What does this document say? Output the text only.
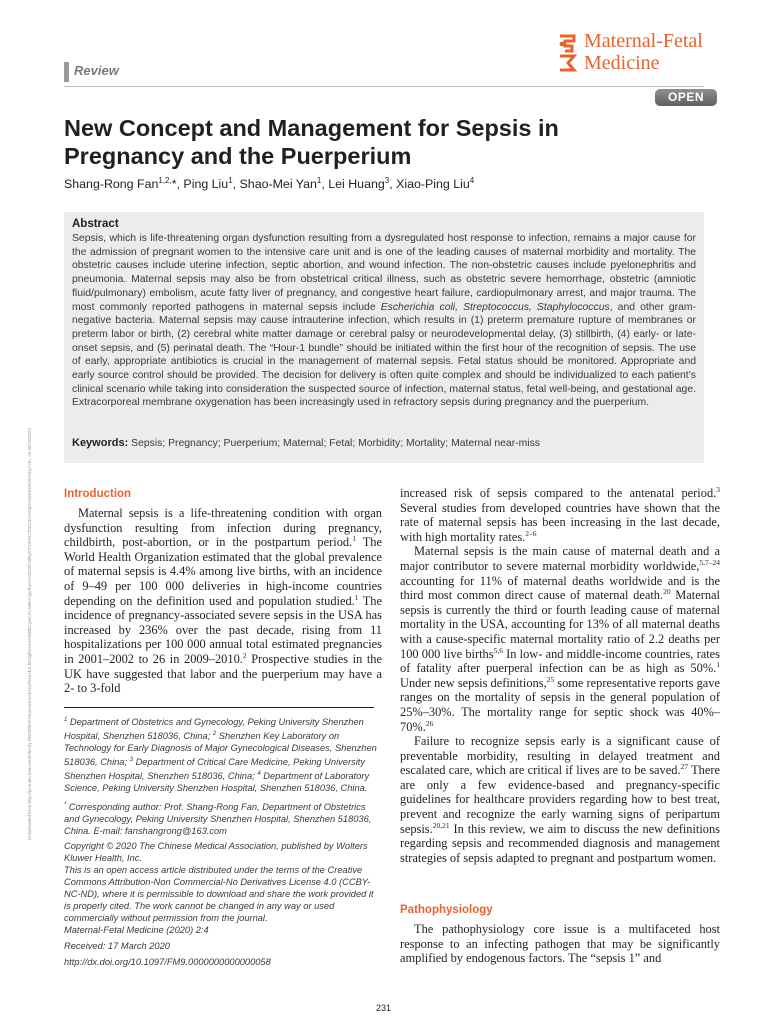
Review
Maternal-Fetal
Medicine
OPEN
New Concept and Management for Sepsis in Pregnancy and the Puerperium
Shang-Rong Fan$^{1,2,}$*, Ping Liu$^1$, Shao-Mei Yan$^1$, Lei Huang$^3$, Xiao-Ping Liu$^4$
Abstract
Sepsis, which is life-threatening organ dysfunction resulting from a dysregulated host response to infection, remains a major cause for the admission of pregnant women to the intensive care unit and is one of the leading causes of maternal morbidity and mortality. The obstetric causes include uterine infection, septic abortion, and wound infection. The non-obstetric causes include pyelonephritis and pneumonia. Maternal sepsis may also be from obstetrical critical illness, such as obstetric severe hemorrhage, obstetric (amniotic fluid/pulmonary) embolism, acute fatty liver of pregnancy, and congestive heart failure, cardiopulmonary arrest, and major trauma. The most commonly reported pathogens in maternal sepsis include Escherichia coli, Streptococcus, Staphylococcus, and other gram-negative bacteria. Maternal sepsis may cause intrauterine infection, which results in (1) preterm premature rupture of membranes or preterm labor or birth, (2) cerebral white matter damage or cerebral palsy or neurodevelopmental delay, (3) stillbirth, (4) early- or late-onset sepsis, and (5) perinatal death. The “Hour-1 bundle” should be initiated within the first hour of the recognition of sepsis. The use of early, appropriate antibiotics is crucial in the management of maternal sepsis. Fetal status should be monitored. Appropriate and early source control should be provided. The decision for delivery is often quite complex and should be individualized to each patient’s clinical scenario while taking into consideration the suspected source of infection, maternal status, fetal well-being, and gestational age. Extracorporeal membrane oxygenation has been increasingly used in refractory sepsis during pregnancy and the puerperium.
Keywords: Sepsis; Pregnancy; Puerperium; Maternal; Fetal; Morbidity; Mortality; Maternal near-miss
Downloaded from http://journals.lww.com/mfm by BhDMf5ePHKav1zEoum1tQfN4a+kJLhEZgbsIHo4XMi0hCywCX1AWnYQp/IlQrHD3i3D0OdRyi7TvSFl4Cf3VC4/OAVpDDa8KKGKV0Ymy+78= on 08/15/2023	Introduction

Maternal sepsis is a life-threatening condition with organ dysfunction resulting from infection during pregnancy, childbirth, post-abortion, or in the postpartum period.$^1$ The World Health Organization estimated that the global prevalence of maternal sepsis is 4.4% among live births, with an incidence of 9–49 per 100 000 deliveries in high-income countries depending on the definition used and population studied.$^1$ The incidence of pregnancy-associated severe sepsis in the USA has increased by 236% over the past decade, rising from 11 hospitalizations per 100 000 annual total estimated pregnancies in 2001–2002 to 26 in 2009–2010.$^2$ Prospective studies in the UK have suggested that labor and the puerperium may have a 2- to 3-fold

$^1$ Department of Obstetrics and Gynecology, Peking University Shenzhen Hospital, Shenzhen 518036, China; $^2$ Shenzhen Key Laboratory on Technology for Early Diagnosis of Major Gynecological Diseases, Shenzhen 518036, China; $^3$ Department of Critical Care Medicine, Peking University Shenzhen Hospital, Shenzhen 518036, China; $^4$ Department of Laboratory Science, Peking University Shenzhen Hospital, Shenzhen 518036, China.
* Corresponding author: Prof. Shang-Rong Fan, Department of Obstetrics and Gynecology, Peking University Shenzhen Hospital, Shenzhen 518036, China. E-mail: fanshangrong@163.com
Copyright © 2020 The Chinese Medical Association, published by Wolters Kluwer Health, Inc.
This is an open access article distributed under the terms of the Creative Commons Attribution-Non Commercial-No Derivatives License 4.0 (CCBY-NC-ND), where it is permissible to download and share the work provided it is properly cited. The work cannot be changed in any way or used commercially without permission from the journal.
Maternal-Fetal Medicine (2020) 2:4
Received: 17 March 2020
http://dx.doi.org/10.1097/FM9.0000000000000058

increased risk of sepsis compared to the antenatal period.$^3$ Several studies from developed countries have shown that the rate of maternal sepsis has been increasing in the last decade, with high mortality rates.$^{2-6}$

Maternal sepsis is the main cause of maternal death and a major contributor to severe maternal morbidity worldwide,$^{5,7-24}$ accounting for 11% of maternal deaths worldwide and is the third most common direct cause of maternal death.$^{20}$ Maternal sepsis is currently the third or fourth leading cause of maternal mortality in the USA, accounting for 13% of all maternal deaths with a cause-specific maternal mortality ratio of 2.2 deaths per 100 000 live births$^{5,6}$ In low- and middle-income countries, rates of fatality after puerperal infection can be as high as 50%.$^1$ Under new sepsis definitions,$^{25}$ some representative reports gave ranges on the mortality of sepsis in the general population of 25%–30%. The mortality range for septic shock was 40%–70%.$^{26}$

Failure to recognize sepsis early is a significant cause of preventable morbidity, resulting in delayed treatment and escalated care, which are critical if lives are to be saved.$^{27}$ There are only a few evidence-based and pregnancy-specific guidelines for healthcare providers regarding how to best treat, prevent and recognize the early warning signs of peripartum sepsis.$^{20,21}$ In this review, we aim to discuss the new definitions regarding sepsis and recommended diagnosis and management strategies of sepsis adapted to pregnant and postpartum women.

Pathophysiology

The pathophysiology core issue is a multifaceted host response to an infecting pathogen that may be significantly amplified by endogenous factors. The “sepsis 1” and

231
